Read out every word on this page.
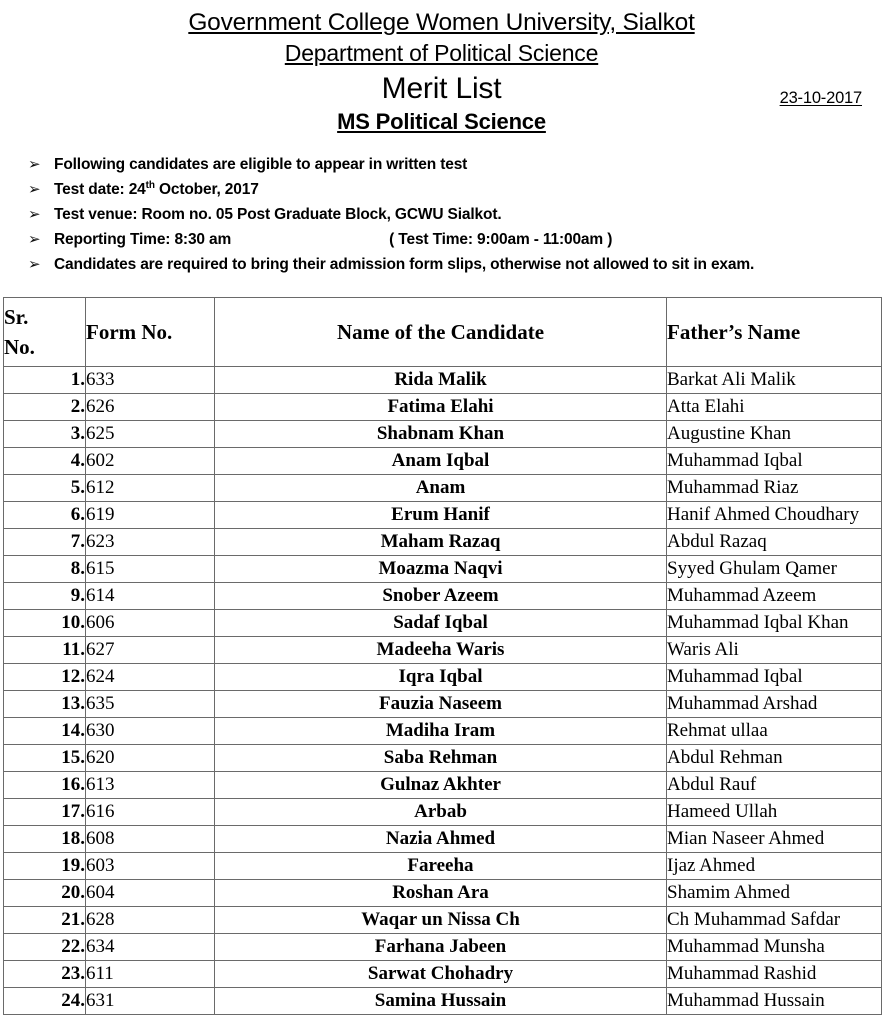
Government College Women University, Sialkot
Department of Political Science
Merit List
MS Political Science
23-10-2017
➢ Following candidates are eligible to appear in written test
➢ Test date: 24th October, 2017
➢ Test venue: Room no. 05 Post Graduate Block, GCWU Sialkot.
➢ Reporting Time: 8:30 am	( Test Time: 9:00am - 11:00am )
➢ Candidates are required to bring their admission form slips, otherwise not allowed to sit in exam.
Sr.
No.	Form No.	Name of the Candidate	Father’s Name
1.	633	Rida Malik	Barkat Ali Malik
2.	626	Fatima Elahi	Atta Elahi
3.	625	Shabnam Khan	Augustine Khan
4.	602	Anam Iqbal	Muhammad Iqbal
5.	612	Anam	Muhammad Riaz
6.	619	Erum Hanif	Hanif Ahmed Choudhary
7.	623	Maham Razaq	Abdul Razaq
8.	615	Moazma Naqvi	Syyed Ghulam Qamer
9.	614	Snober Azeem	Muhammad Azeem
10.	606	Sadaf Iqbal	Muhammad Iqbal Khan
11.	627	Madeeha Waris	Waris Ali
12.	624	Iqra Iqbal	Muhammad Iqbal
13.	635	Fauzia Naseem	Muhammad Arshad
14.	630	Madiha Iram	Rehmat ullaa
15.	620	Saba Rehman	Abdul Rehman
16.	613	Gulnaz Akhter	Abdul Rauf
17.	616	Arbab	Hameed Ullah
18.	608	Nazia Ahmed	Mian Naseer Ahmed
19.	603	Fareeha	Ijaz Ahmed
20.	604	Roshan Ara	Shamim Ahmed
21.	628	Waqar un Nissa Ch	Ch Muhammad Safdar
22.	634	Farhana Jabeen	Muhammad Munsha
23.	611	Sarwat Chohadry	Muhammad Rashid
24.	631	Samina Hussain	Muhammad Hussain
